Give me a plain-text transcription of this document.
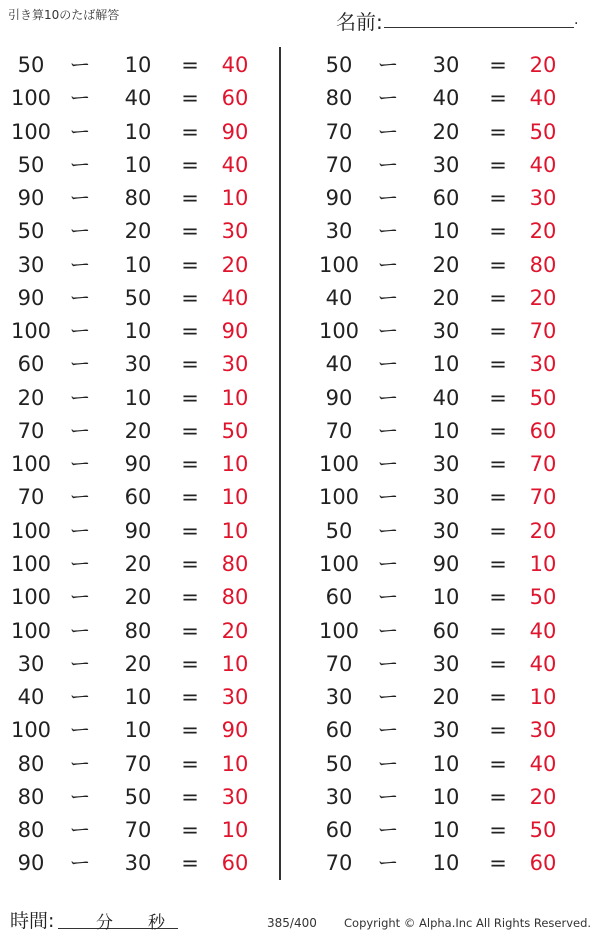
引き算10のたば解答	名前:	.
50	ー	10	=	40
100 ー	40	=	60
100 ー	10	=	90
50	ー	10	=	40
90	ー	80	=	10
50	ー	20	=	30
30	ー	10	=	20
90	ー	50	=	40
100 ー	10	=	90
60	ー	30	=	30
20	ー	10	=	10
70	ー	20	=	50
100 ー	90	=	10
70	ー	60	=	10
100 ー	90	=	10
100 ー	20	=	80
100 ー	20	=	80
100 ー	80	=	20
30	ー	20	=	10
40	ー	10	=	30
100 ー	10	=	90
80	ー	70	=	10
80	ー	50	=	30
80	ー	70	=	10
90	ー	30	=	60
50	ー	30	=	20
80	ー	40	=	40
70	ー	20	=	50
70	ー	30	=	40
90	ー	60	=	30
30	ー	10	=	20
100 ー	20	=	80
40	ー	20	=	20
100 ー	30	=	70
40	ー	10	=	30
90	ー	40	=	50
70	ー	10	=	60
100 ー	30	=	70
100 ー	30	=	70
50	ー	30	=	20
100 ー	90	=	10
60	ー	10	=	50
100 ー	60	=	40
70	ー	30	=	40
30	ー	20	=	10
60	ー	30	=	30
50	ー	10	=	40
30	ー	10	=	20
60	ー	10	=	50
70	ー	10	=	60
時間: 分 秒	385/400 Copyright © Alpha.Inc All Rights Reserved.
